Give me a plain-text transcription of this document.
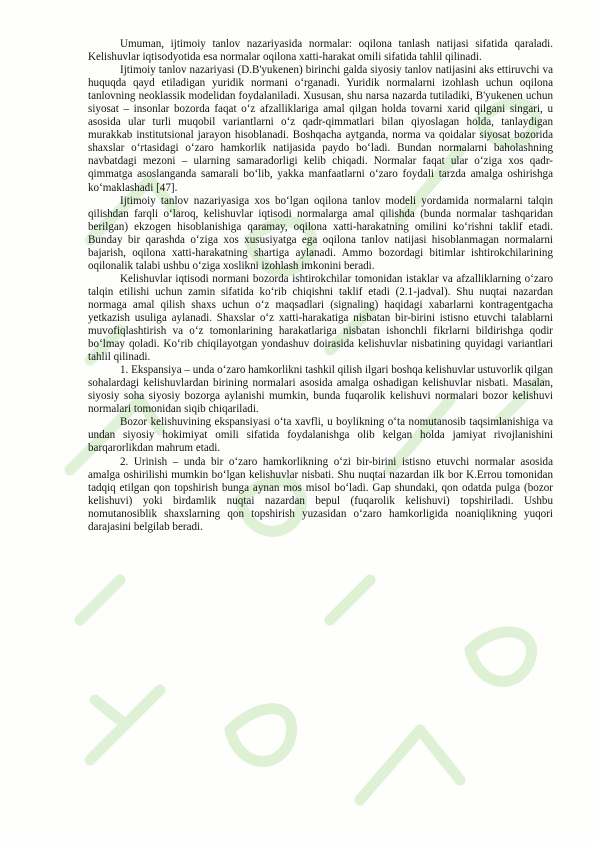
Umuman, ijtimoiy tanlov nazariyasida normalar: oqilona tanlash natijasi sifatida qaraladi. Kelishuvlar iqtisodyotida esa normalar oqilona xatti-harakat omili sifatida tahlil qilinadi.

Ijtimoiy tanlov nazariyasi (D.B'yukenen) birinchi galda siyosiy tanlov natijasini aks ettiruvchi va huquqda qayd etiladigan yuridik normani o‘rganadi. Yuridik normalarni izohlash uchun oqilona tanlovning neoklassik modelidan foydalaniladi. Xususan, shu narsa nazarda tutiladiki, B'yukenen uchun siyosat – insonlar bozorda faqat o‘z afzalliklariga amal qilgan holda tovarni xarid qilgani singari, u asosida ular turli muqobil variantlarni o‘z qadr-qimmatlari bilan qiyoslagan holda, tanlaydigan murakkab institutsional jarayon hisoblanadi. Boshqacha aytganda, norma va qoidalar siyosat bozorida shaxslar o‘rtasidagi o‘zaro hamkorlik natijasida paydo bo‘ladi. Bundan normalarni baholashning navbatdagi mezoni – ularning samaradorligi kelib chiqadi. Normalar faqat ular o‘ziga xos qadr-qimmatga asoslanganda samarali bo‘lib, yakka manfaatlarni o‘zaro foydali tarzda amalga oshirishga ko‘maklashadi [47].

Ijtimoiy tanlov nazariyasiga xos bo‘lgan oqilona tanlov modeli yordamida normalarni talqin qilishdan farqli o‘laroq, kelishuvlar iqtisodi normalarga amal qilishda (bunda normalar tashqaridan berilgan) ekzogen hisoblanishiga qaramay, oqilona xatti-harakatning omilini ko‘rishni taklif etadi. Bunday bir qarashda o‘ziga xos xususiyatga ega oqilona tanlov natijasi hisoblanmagan normalarni bajarish, oqilona xatti-harakatning shartiga aylanadi. Ammo bozordagi bitimlar ishtirokchilarining oqilonalik talabi ushbu o‘ziga xoslikni izohlash imkonini beradi.

Kelishuvlar iqtisodi normani bozorda ishtirokchilar tomonidan istaklar va afzalliklarning o‘zaro talqin etilishi uchun zamin sifatida ko‘rib chiqishni taklif etadi (2.1-jadval). Shu nuqtai nazardan normaga amal qilish shaxs uchun o‘z maqsadlari (signaling) haqidagi xabarlarni kontragentgacha yetkazish usuliga aylanadi. Shaxslar o‘z xatti-harakatiga nisbatan bir-birini istisno etuvchi talablarni muvofiqlashtirish va o‘z tomonlarining harakatlariga nisbatan ishonchli fikrlarni bildirishga qodir bo‘lmay qoladi. Ko‘rib chiqilayotgan yondashuv doirasida kelishuvlar nisbatining quyidagi variantlari tahlil qilinadi.

1. Ekspansiya – unda o‘zaro hamkorlikni tashkil qilish ilgari boshqa kelishuvlar ustuvorlik qilgan sohalardagi kelishuvlardan birining normalari asosida amalga oshadigan kelishuvlar nisbati. Masalan, siyosiy soha siyosiy bozorga aylanishi mumkin, bunda fuqarolik kelishuvi normalari bozor kelishuvi normalari tomonidan siqib chiqariladi.

Bozor kelishuvining ekspansiyasi o‘ta xavfli, u boylikning o‘ta nomutanosib taqsimlanishiga va undan siyosiy hokimiyat omili sifatida foydalanishga olib kelgan holda jamiyat rivojlanishini barqarorlikdan mahrum etadi.

2. Urinish – unda bir o‘zaro hamkorlikning o‘zi bir-birini istisno etuvchi normalar asosida amalga oshirilishi mumkin bo‘lgan kelishuvlar nisbati. Shu nuqtai nazardan ilk bor K.Errou tomonidan tadqiq etilgan qon topshirish bunga aynan mos misol bo‘ladi. Gap shundaki, qon odatda pulga (bozor kelishuvi) yoki birdamlik nuqtai nazardan bepul (fuqarolik kelishuvi) topshiriladi. Ushbu nomutanosiblik shaxslarning qon topshirish yuzasidan o‘zaro hamkorligida noaniqlikning yuqori darajasini belgilab beradi.
